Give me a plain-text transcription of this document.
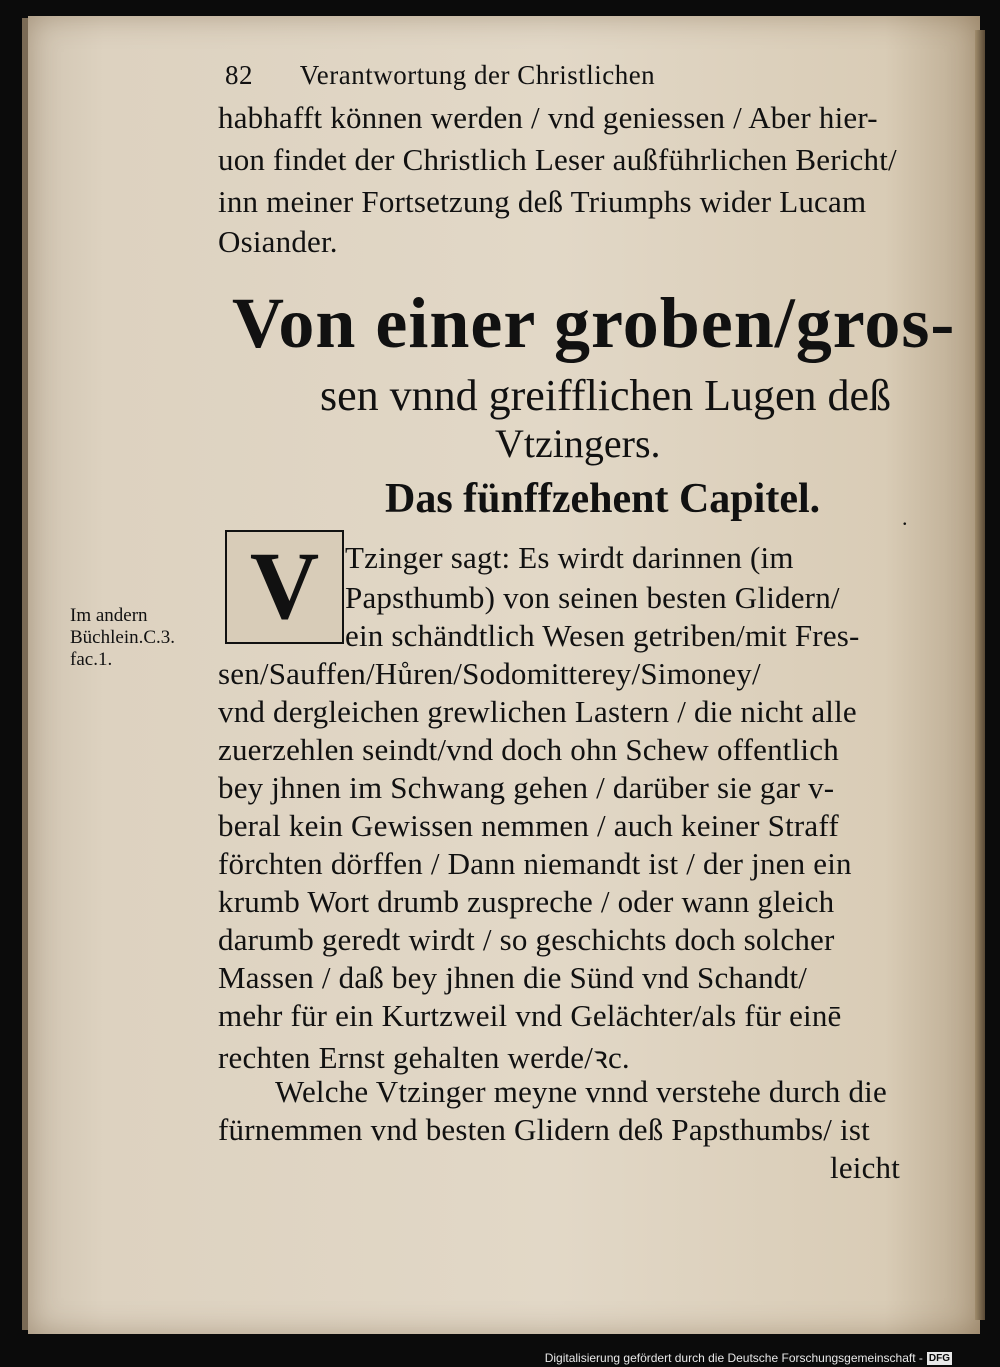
82 Verantwortung der Christlichen
habhafft können werden / vnd geniessen / Aber hier-
uon findet der Christlich Leser außführlichen Bericht/
inn meiner Fortsetzung deß Triumphs wider Lucam
Osiander.
Von einer groben/gros-
sen vnnd greifflichen Lugen deß
Vtzingers.
Das fünffzehent Capitel.	.
V Tzinger sagt: Es wirdt darinnen (im
Papsthumb) von seinen besten Glidern/
ein schändtlich Wesen getriben/mit Fres-
sen/Sauffen/Hůren/Sodomitterey/Simoney/
vnd dergleichen grewlichen Lastern / die nicht alle
zuerzehlen seindt/vnd doch ohn Schew offentlich
bey jhnen im Schwang gehen / darüber sie gar v-
beral kein Gewissen nemmen / auch keiner Straff
förchten dörffen / Dann niemandt ist / der jnen ein
krumb Wort drumb zuspreche / oder wann gleich
darumb geredt wirdt / so geschichts doch solcher
Massen / daß bey jhnen die Sünd vnd Schandt/
mehr für ein Kurtzweil vnd Gelächter/als für einē
rechten Ernst gehalten werde/ꝛc.
Welche Vtzinger meyne vnnd verstehe durch die
fürnemmen vnd besten Glidern deß Papsthumbs/ ist
leicht
Im andern
Büchlein.C.3.
fac.1.
Digitalisierung gefördert durch die Deutsche Forschungsgemeinschaft - DFG
